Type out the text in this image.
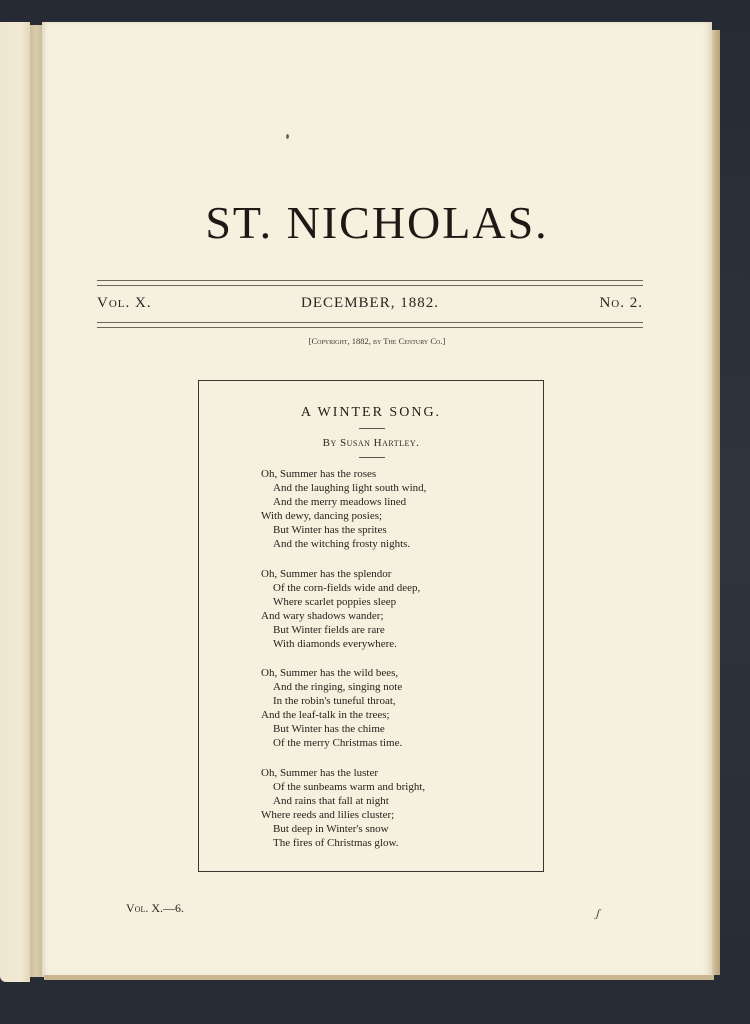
ST. NICHOLAS.
Vol. X.	DECEMBER, 1882.	No. 2.
[Copyright, 1882, by The Century Co.]
A WINTER SONG.
By Susan Hartley.
Oh, Summer has the roses
And the laughing light south wind,
And the merry meadows lined
With dewy, dancing posies;
But Winter has the sprites
And the witching frosty nights.
Oh, Summer has the splendor
Of the corn-fields wide and deep,
Where scarlet poppies sleep
And wary shadows wander;
But Winter fields are rare
With diamonds everywhere.
Oh, Summer has the wild bees,
And the ringing, singing note
In the robin's tuneful throat,
And the leaf-talk in the trees;
But Winter has the chime
Of the merry Christmas time.
Oh, Summer has the luster
Of the sunbeams warm and bright,
And rains that fall at night
Where reeds and lilies cluster;
But deep in Winter's snow
The fires of Christmas glow.
Vol. X.—6.	ʃ
